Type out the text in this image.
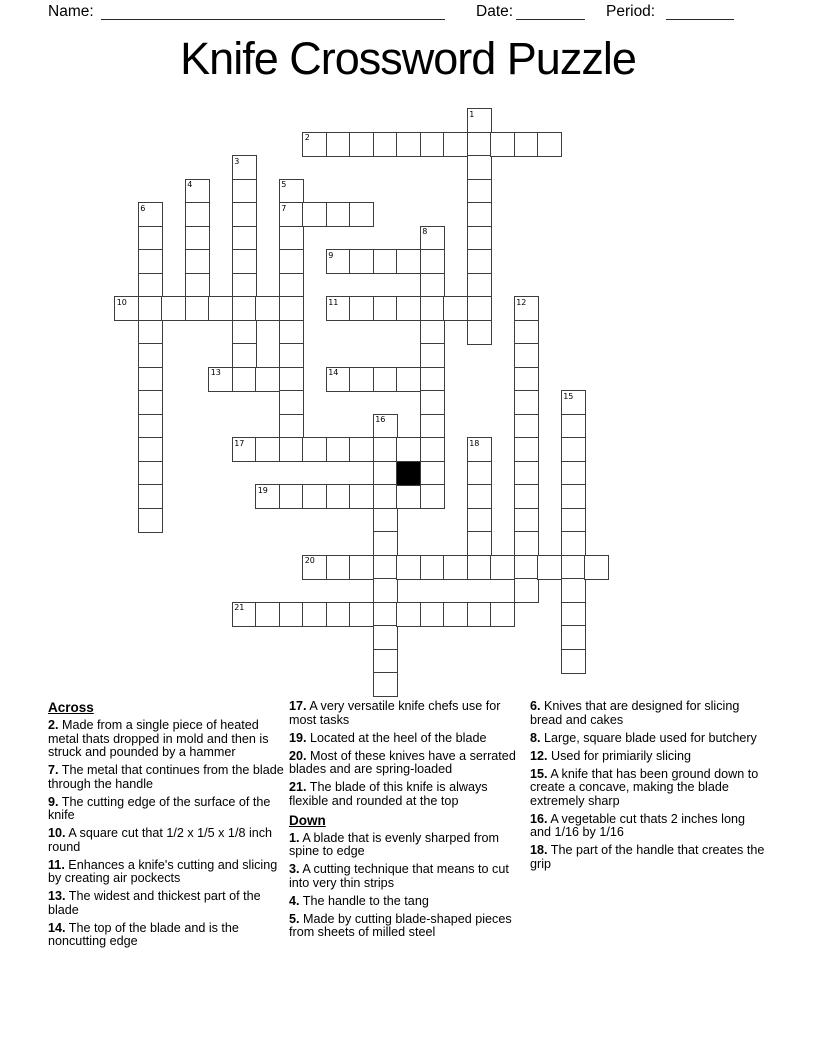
Name:	Date:	Period:
Knife Crossword Puzzle
1
2
3
4	5
7
6
8
9
10	11	12
13	14
15
16
17	18
19
20
21
Across

2. Made from a single piece of heated metal thats dropped in mold and then is struck and pounded by a hammer

7. The metal that continues from the blade through the handle

9. The cutting edge of the surface of the knife

10. A square cut that 1/2 x 1/5 x 1/8 inch round

11. Enhances a knife's cutting and slicing by creating air pockects

13. The widest and thickest part of the blade

14. The top of the blade and is the noncutting edge

17. A very versatile knife chefs use for most tasks

19. Located at the heel of the blade

20. Most of these knives have a serrated blades and are spring-loaded

21. The blade of this knife is always flexible and rounded at the top

Down

1. A blade that is evenly sharped from spine to edge

3. A cutting technique that means to cut into very thin strips

4. The handle to the tang

5. Made by cutting blade-shaped pieces from sheets of milled steel

6. Knives that are designed for slicing bread and cakes

8. Large, square blade used for butchery

12. Used for primiarily slicing

15. A knife that has been ground down to create a concave, making the blade extremely sharp

16. A vegetable cut thats 2 inches long and 1/16 by 1/16

18. The part of the handle that creates the grip
